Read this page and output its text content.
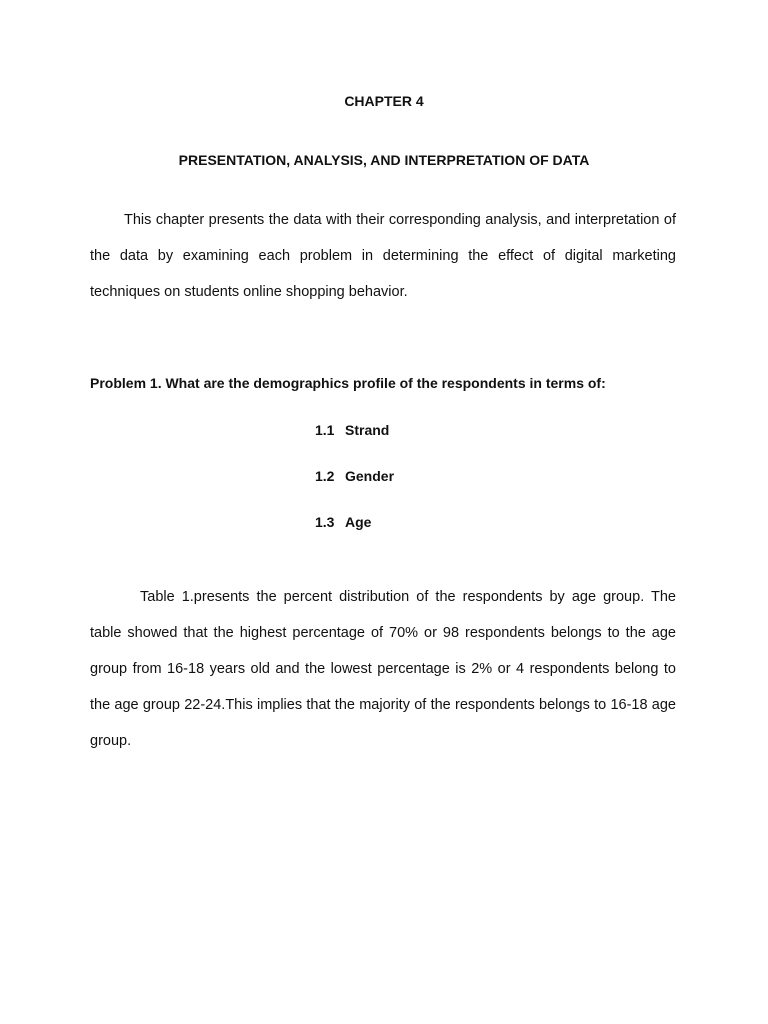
CHAPTER 4
PRESENTATION, ANALYSIS, AND INTERPRETATION OF DATA

This chapter presents the data with their corresponding analysis, and interpretation of the data by examining each problem in determining the effect of digital marketing techniques on students online shopping behavior.

Problem 1. What are the demographics profile of the respondents in terms of:
1.1 Strand
1.2 Gender
1.3 Age

Table 1.presents the percent distribution of the respondents by age group. The table showed that the highest percentage of 70% or 98 respondents belongs to the age group from 16-18 years old and the lowest percentage is 2% or 4 respondents belong to the age group 22-24.This implies that the majority of the respondents belongs to 16-18 age group.
